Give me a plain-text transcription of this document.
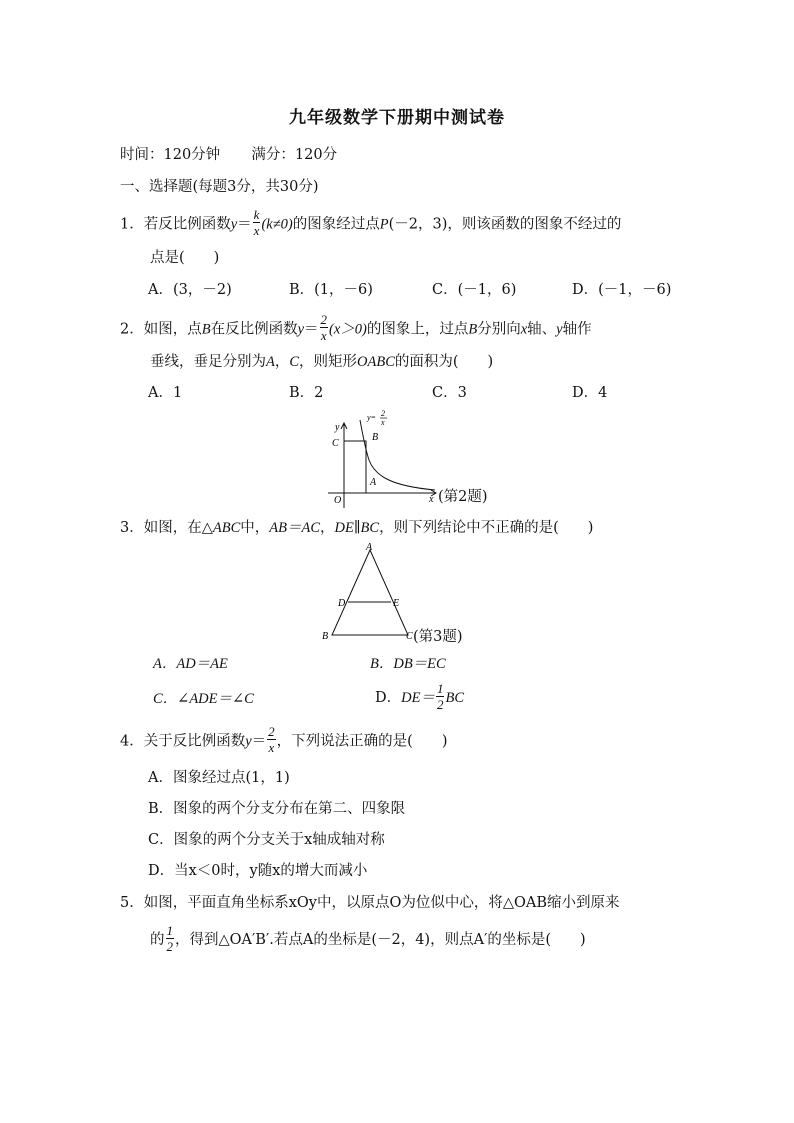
九年级数学下册期中测试卷
时间：120分钟 满分：120分
一、选择题(每题3分，共30分)
1．若反比例函数$y= \frac{k}{x} (k\ne 0)$的图象经过点P(－2，3)，则该函数的图象不经过的
点是(　　)
A．(3，－2)	B．(1，－6)	C．(－1，6)	D．(－1，－6)
2．如图，点B在反比例函数$y= \frac{2}{x} (x>0)$的图象上，过点B分别向x轴、y轴作
垂线，垂足分别为A，C，则矩形OABC的面积为(　　)
A．1	B．2	C．3	D．4
y
C
B
A
O	x
y= 2
x
(第2题)
3．如图，在△ABC中，AB＝AC，DE∥BC，则下列结论中不正确的是(　　)
A
B	C
D	E
(第3题)
A．AD＝AE	B．DB＝EC
C．∠ADE＝∠C	D．$DE= \frac{1}{2}$ BC
4．关于反比例函数$y= \frac{2}{x}$ ，下列说法正确的是(　　)
A．图象经过点(1，1)
B．图象的两个分支分布在第二、四象限
C．图象的两个分支关于x轴成轴对称
D．当x＜0时，y随x的增大而减小
5．如图，平面直角坐标系xOy中，以原点O为位似中心，将△OAB缩小到原来
的 $\frac{1}{2}$ ，得到△OA′B′.若点A的坐标是(－2，4)，则点A′的坐标是(　　)
